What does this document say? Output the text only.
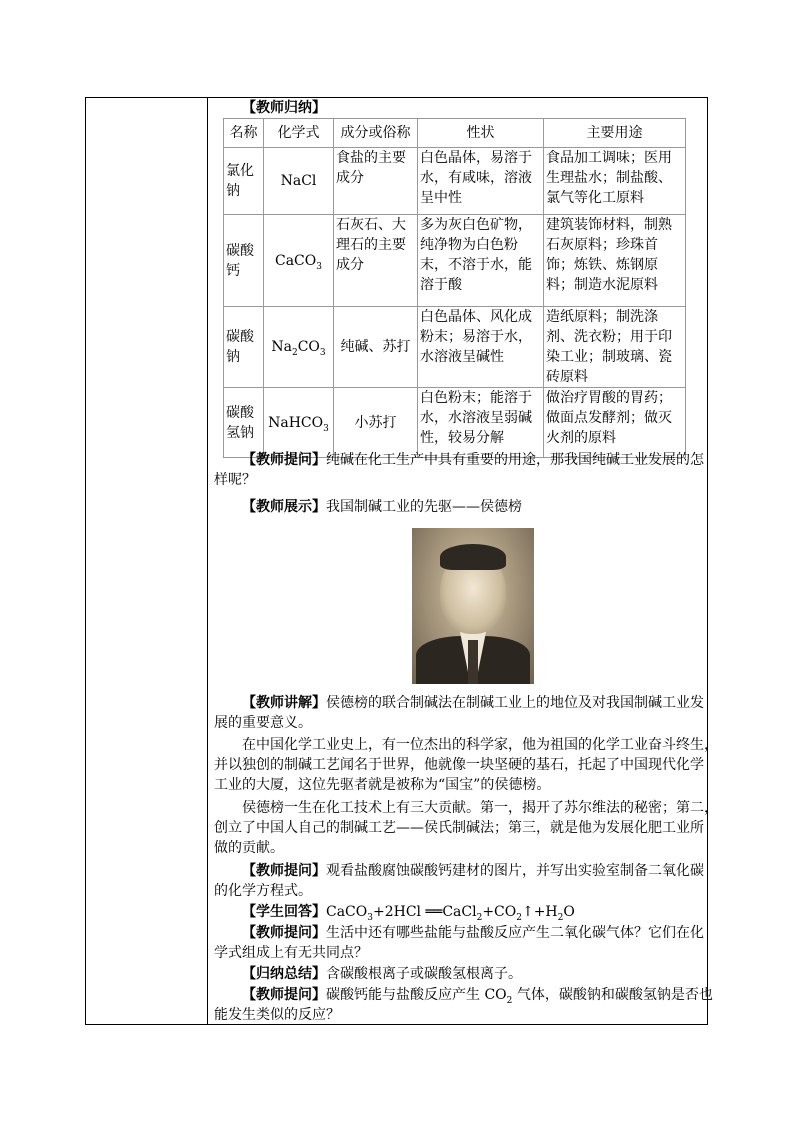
【教师归纳】
名称	化学式	成分或俗称	性状	主要用途
氯化钠	NaCl	食盐的主要成分	白色晶体，易溶于水，有咸味，溶液呈中性	食品加工调味；医用生理盐水；制盐酸、氯气等化工原料
碳酸钙	CaCO$_3$	石灰石、大理石的主要成分	多为灰白色矿物，纯净物为白色粉末，不溶于水，能溶于酸	建筑装饰材料，制熟石灰原料；珍珠首饰；炼铁、炼钢原料；制造水泥原料
碳酸钠	$Na_2CO_3$	纯碱、苏打	白色晶体、风化成粉末；易溶于水，水溶液呈碱性	造纸原料；制洗涤剂、洗衣粉；用于印染工业；制玻璃、瓷砖原料
碳酸氢钠	NaHCO$_3$	小苏打	白色粉末；能溶于水，水溶液呈弱碱性，较易分解	做治疗胃酸的胃药；做面点发酵剂；做灭火剂的原料
【教师提问】纯碱在化工生产中具有重要的用途，那我国纯碱工业发展的怎
样呢？
【教师展示】我国制碱工业的先驱——侯德榜
【教师讲解】侯德榜的联合制碱法在制碱工业上的地位及对我国制碱工业发
展的重要意义。
在中国化学工业史上，有一位杰出的科学家，他为祖国的化学工业奋斗终生，
并以独创的制碱工艺闻名于世界，他就像一块坚硬的基石，托起了中国现代化学
工业的大厦，这位先驱者就是被称为“国宝”的侯德榜。
侯德榜一生在化工技术上有三大贡献。第一，揭开了苏尔维法的秘密；第二，
创立了中国人自己的制碱工艺——侯氏制碱法；第三，就是他为发展化肥工业所
做的贡献。
【教师提问】观看盐酸腐蚀碳酸钙建材的图片，并写出实验室制备二氧化碳
的化学方程式。
【学生回答】CaCO$_3$+2HCl $══CaCl_2+CO_2↑+H_2O$
【教师提问】生活中还有哪些盐能与盐酸反应产生二氧化碳气体？它们在化
学式组成上有无共同点？
【归纳总结】含碳酸根离子或碳酸氢根离子。
【教师提问】碳酸钙能与盐酸反应产生 $CO_2$ 气体，碳酸钠和碳酸氢钠是否也
能发生类似的反应？
